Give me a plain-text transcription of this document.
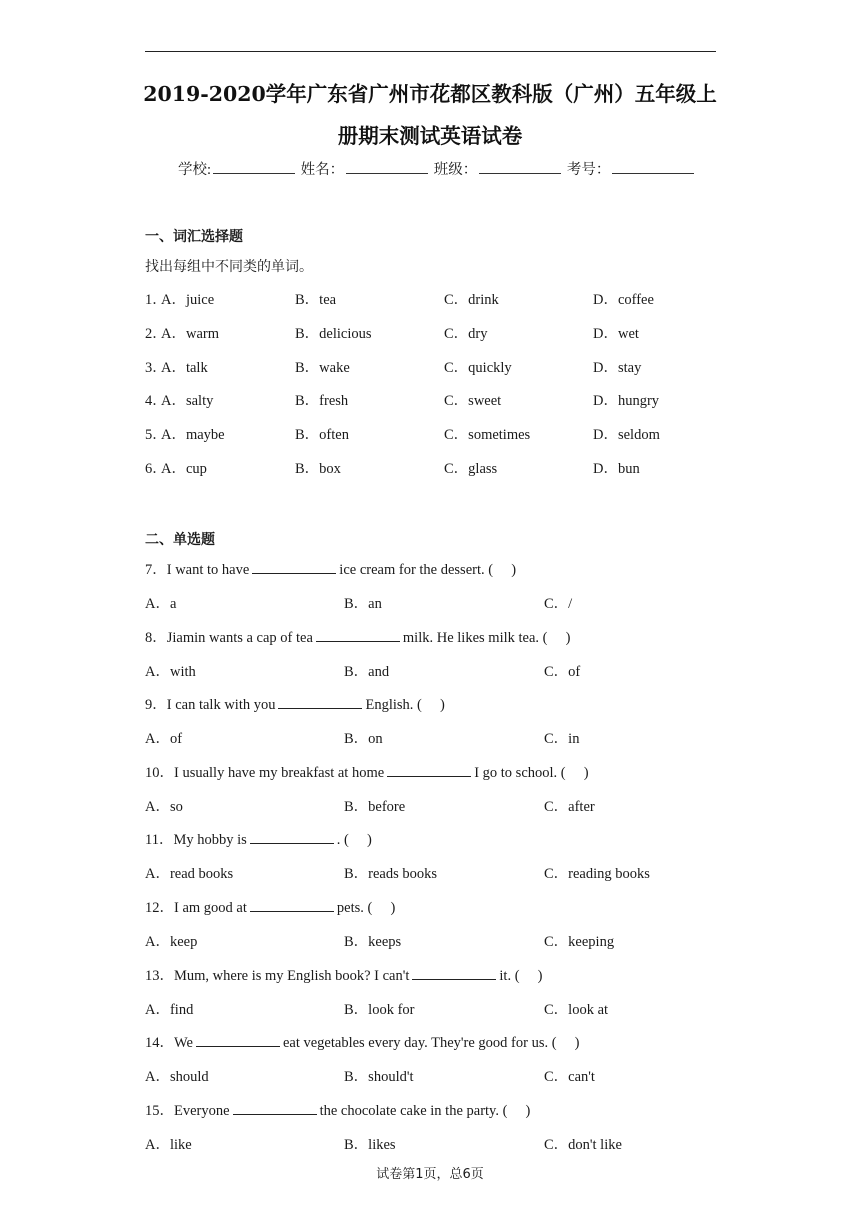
2019-2020学年广东省广州市花都区教科版（广州）五年级上
册期末测试英语试卷
学校:	姓名：	班级：	考号：
一、词汇选择题
找出每组中不同类的单词。
1．
A．juice	B．tea	C．drink	D．coffee
2．
A．warm	B．delicious	C．dry	D．wet
3．
A．talk	B．wake	C．quickly	D．stay
4．
A．salty	B．fresh	C．sweet	D．hungry
5．
A．maybe	B．often	C．sometimes	D．seldom
6．
A．cup	B．box	C．glass	D．bun
二、单选题
7．I want to have	ice cream for the dessert. (　 )
A．a	B．an	C．/
8．Jiamin wants a cap of tea	milk. He likes milk tea. (　 )
A．with	B．and	C．of
9．I can talk with you	English. (　 )
A．of	B．on	C．in
10．I usually have my breakfast at home	I go to school. (　 )
A．so	B．before	C．after
11．My hobby is	. (　 )
A．read books	B．reads books	C．reading books
12．I am good at	pets. (　 )
A．keep	B．keeps	C．keeping
13．Mum, where is my English book? I can't	it. (　 )
A．find	B．look for	C．look at
14．We	eat vegetables every day. They're good for us. (　 )
A．should	B．should't	C．can't
15．Everyone	the chocolate cake in the party. (　 )
A．like	B．likes	C．don't like
试卷第1页，总6页
